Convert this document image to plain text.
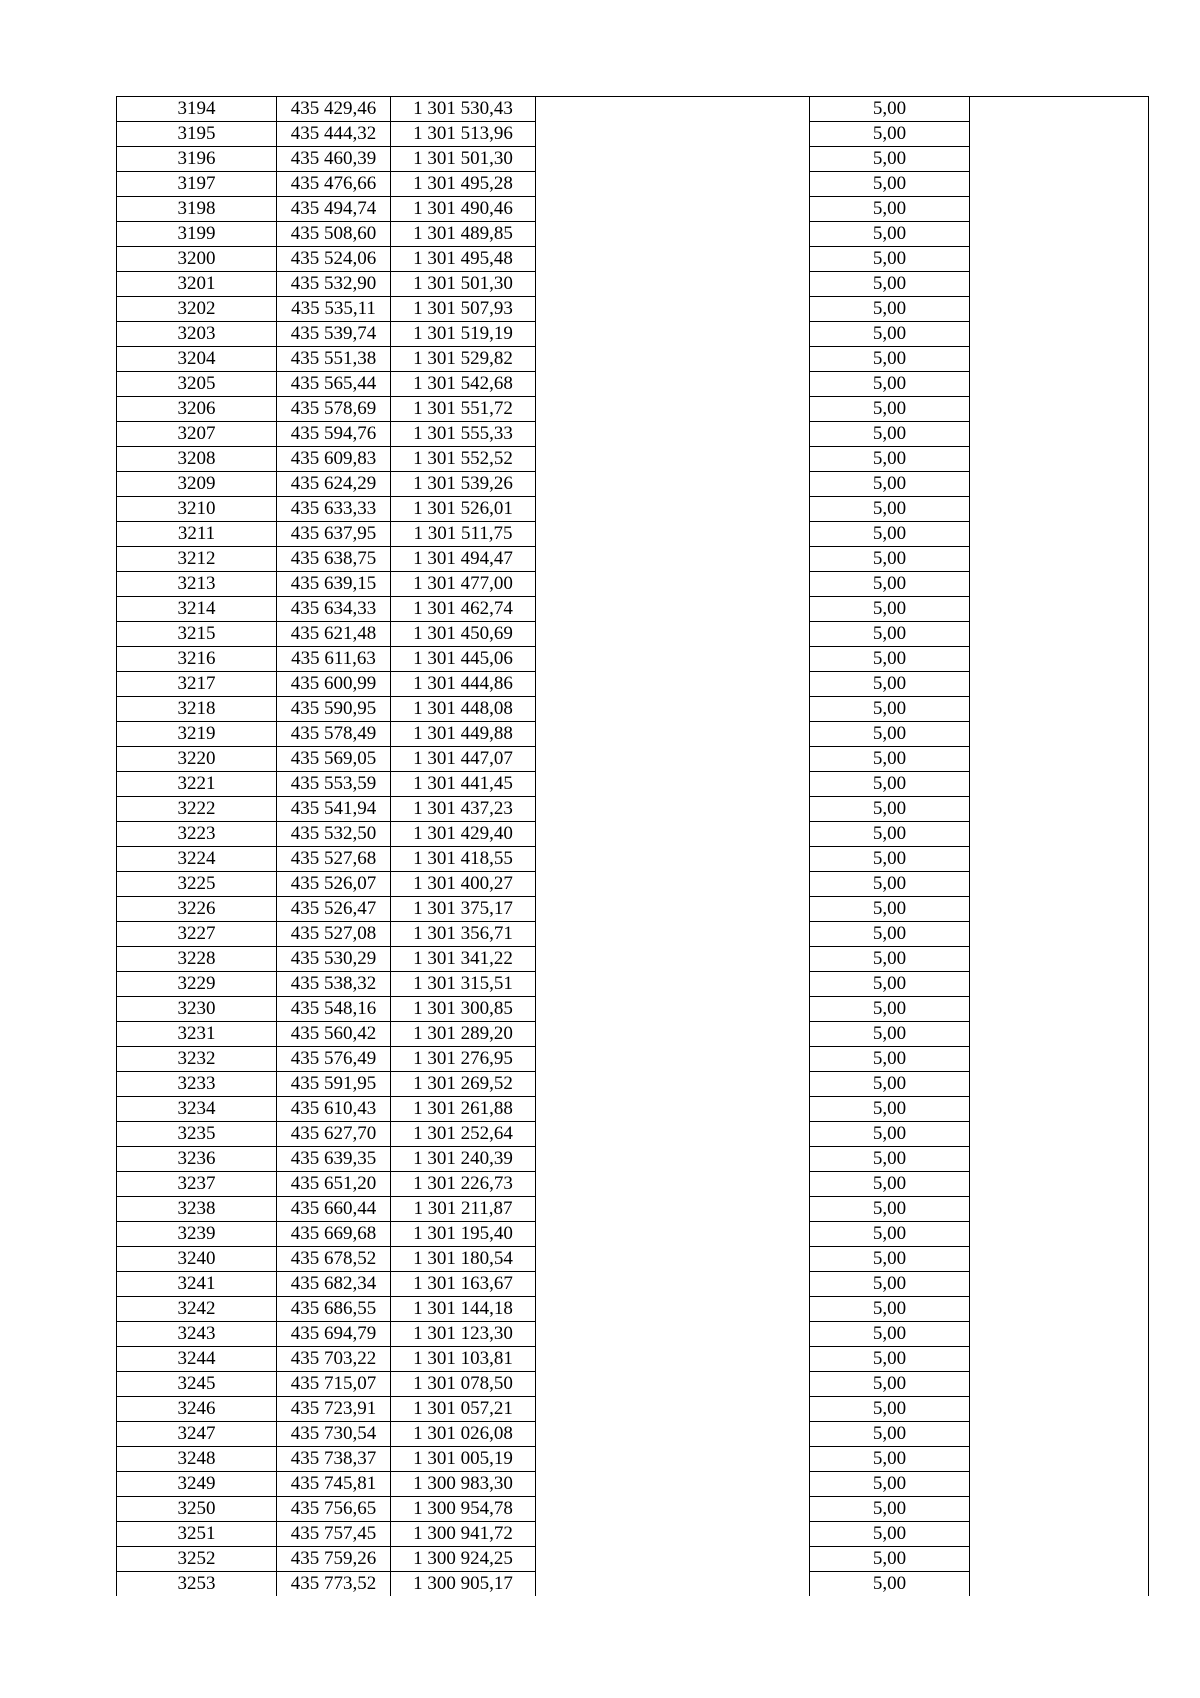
3194	435 429,46	1 301 530,43		5,00	
3195	435 444,32	1 301 513,96		5,00	
3196	435 460,39	1 301 501,30		5,00	
3197	435 476,66	1 301 495,28		5,00	
3198	435 494,74	1 301 490,46		5,00	
3199	435 508,60	1 301 489,85		5,00	
3200	435 524,06	1 301 495,48		5,00	
3201	435 532,90	1 301 501,30		5,00	
3202	435 535,11	1 301 507,93		5,00	
3203	435 539,74	1 301 519,19		5,00	
3204	435 551,38	1 301 529,82		5,00	
3205	435 565,44	1 301 542,68		5,00	
3206	435 578,69	1 301 551,72		5,00	
3207	435 594,76	1 301 555,33		5,00	
3208	435 609,83	1 301 552,52		5,00	
3209	435 624,29	1 301 539,26		5,00	
3210	435 633,33	1 301 526,01		5,00	
3211	435 637,95	1 301 511,75		5,00	
3212	435 638,75	1 301 494,47		5,00	
3213	435 639,15	1 301 477,00		5,00	
3214	435 634,33	1 301 462,74		5,00	
3215	435 621,48	1 301 450,69		5,00	
3216	435 611,63	1 301 445,06		5,00	
3217	435 600,99	1 301 444,86		5,00	
3218	435 590,95	1 301 448,08		5,00	
3219	435 578,49	1 301 449,88		5,00	
3220	435 569,05	1 301 447,07		5,00	
3221	435 553,59	1 301 441,45		5,00	
3222	435 541,94	1 301 437,23		5,00	
3223	435 532,50	1 301 429,40		5,00	
3224	435 527,68	1 301 418,55		5,00	
3225	435 526,07	1 301 400,27		5,00	
3226	435 526,47	1 301 375,17		5,00	
3227	435 527,08	1 301 356,71		5,00	
3228	435 530,29	1 301 341,22		5,00	
3229	435 538,32	1 301 315,51		5,00	
3230	435 548,16	1 301 300,85		5,00	
3231	435 560,42	1 301 289,20		5,00	
3232	435 576,49	1 301 276,95		5,00	
3233	435 591,95	1 301 269,52		5,00	
3234	435 610,43	1 301 261,88		5,00	
3235	435 627,70	1 301 252,64		5,00	
3236	435 639,35	1 301 240,39		5,00	
3237	435 651,20	1 301 226,73		5,00	
3238	435 660,44	1 301 211,87		5,00	
3239	435 669,68	1 301 195,40		5,00	
3240	435 678,52	1 301 180,54		5,00	
3241	435 682,34	1 301 163,67		5,00	
3242	435 686,55	1 301 144,18		5,00	
3243	435 694,79	1 301 123,30		5,00	
3244	435 703,22	1 301 103,81		5,00	
3245	435 715,07	1 301 078,50		5,00	
3246	435 723,91	1 301 057,21		5,00	
3247	435 730,54	1 301 026,08		5,00	
3248	435 738,37	1 301 005,19		5,00	
3249	435 745,81	1 300 983,30		5,00	
3250	435 756,65	1 300 954,78		5,00	
3251	435 757,45	1 300 941,72		5,00	
3252	435 759,26	1 300 924,25		5,00	
3253	435 773,52	1 300 905,17		5,00	
